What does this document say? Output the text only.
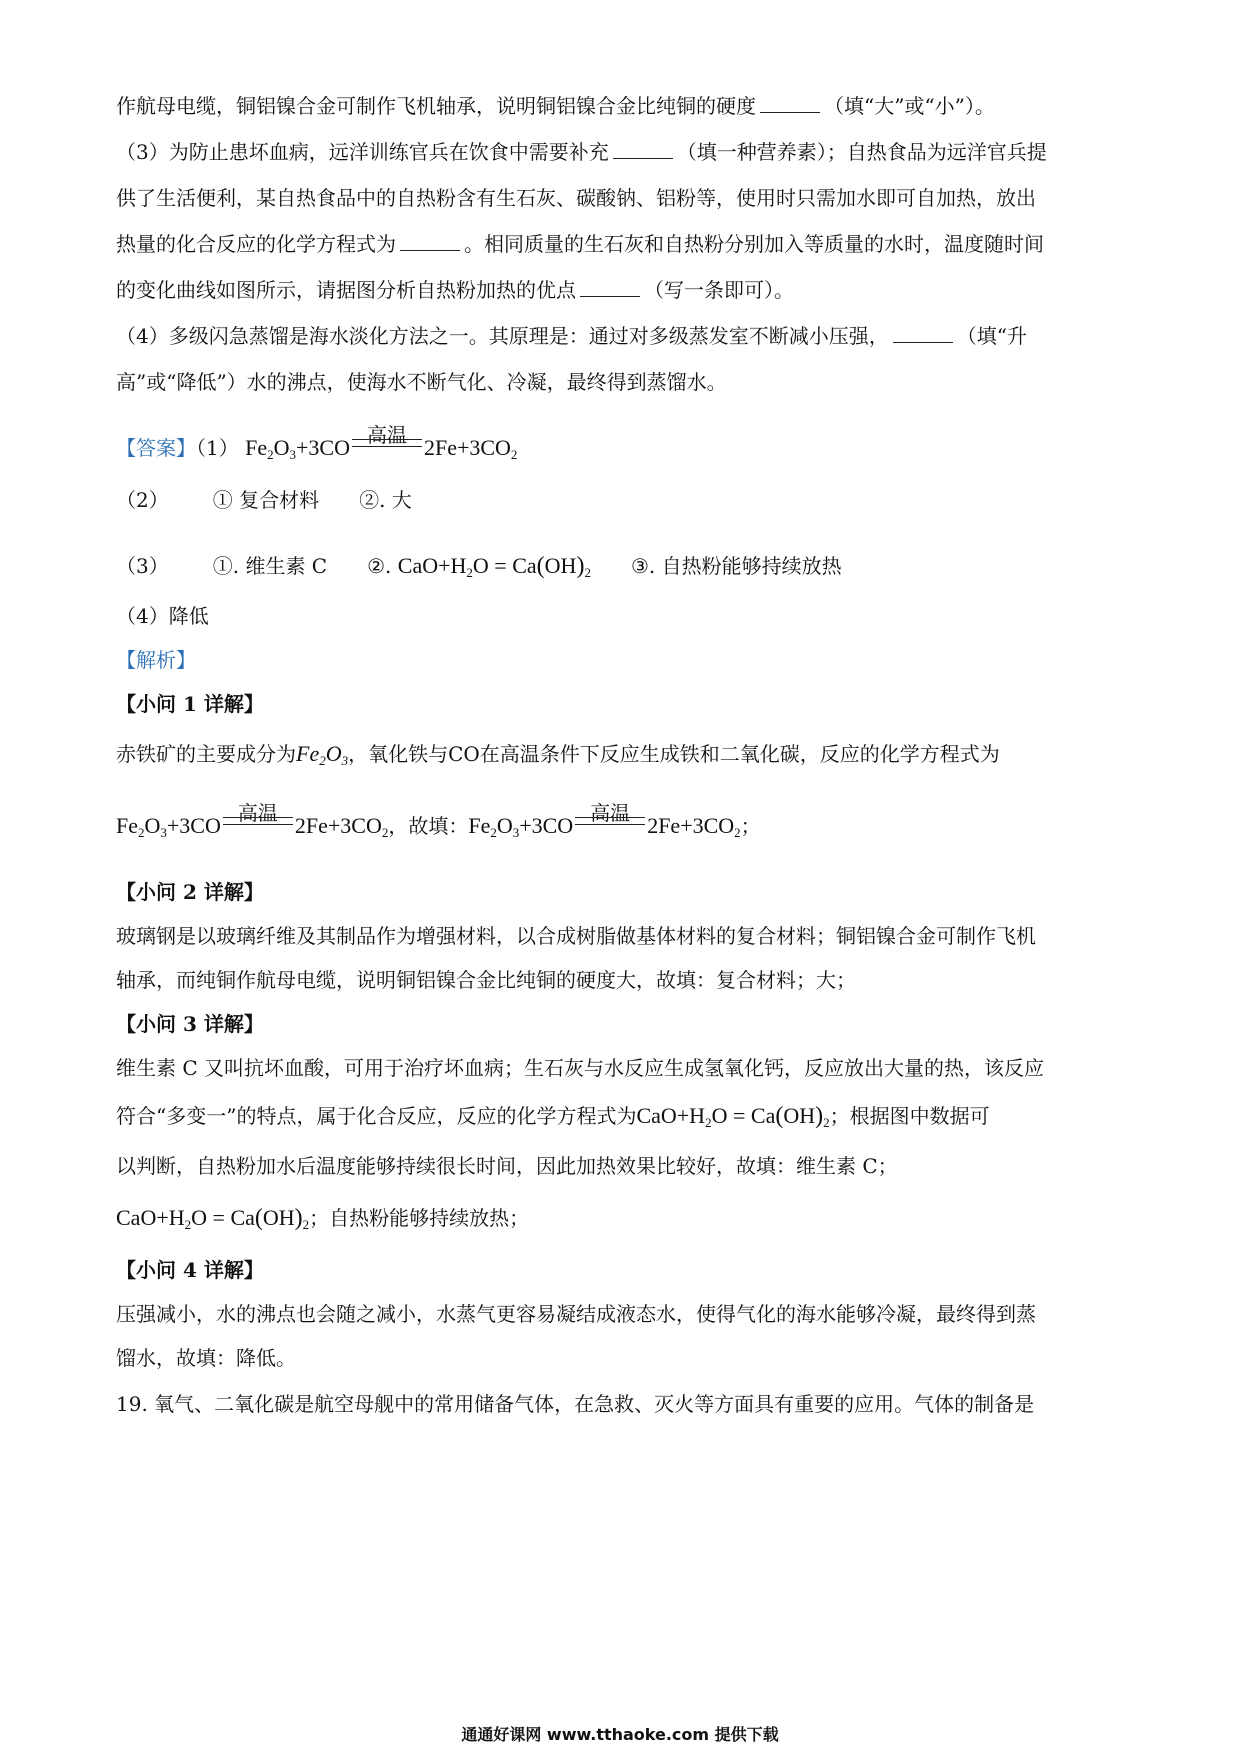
作航母电缆，铜铝镍合金可制作飞机轴承，说明铜铝镍合金比纯铜的硬度	（填“大”或“小”）。
（3）为防止患坏血病，远洋训练官兵在饮食中需要补充	（填一种营养素）；自热食品为远洋官兵提
供了生活便利，某自热食品中的自热粉含有生石灰、碳酸钠、铝粉等，使用时只需加水即可自加热，放出
热量的化合反应的化学方程式为	。相同质量的生石灰和自热粉分别加入等质量的水时，温度随时间
的变化曲线如图所示，请据图分析自热粉加热的优点	（写一条即可）。
（4）多级闪急蒸馏是海水淡化方法之一。其原理是：通过对多级蒸发室不断减小压强，	（填“升
高”或“降低”）水的沸点，使海水不断气化、冷凝，最终得到蒸馏水。
【答案】（1） $Fe_2O_3+3CO$ 高温 $2Fe+3CO_2$
（2） ① 复合材料 ②. 大
（3） ①. 维生素 C ②. $CaO+H_2O = Ca(OH)_2$ ③. 自热粉能够持续放热
（4）降低
【解析】
【小问 1 详解】
赤铁矿的主要成分为$Fe_2O_3$，氧化铁与CO在高温条件下反应生成铁和二氧化碳，反应的化学方程式为
$Fe_2O_3+3CO$ 高温 $2Fe+3CO_2$，故填：$Fe_2O_3+3CO$ 高温 $2Fe+3CO_2$；
【小问 2 详解】
玻璃钢是以玻璃纤维及其制品作为增强材料，以合成树脂做基体材料的复合材料；铜铝镍合金可制作飞机
轴承，而纯铜作航母电缆，说明铜铝镍合金比纯铜的硬度大，故填：复合材料；大；
【小问 3 详解】
维生素 C 又叫抗坏血酸，可用于治疗坏血病；生石灰与水反应生成氢氧化钙，反应放出大量的热，该反应
符合“多变一”的特点，属于化合反应，反应的化学方程式为$CaO+H_2O = Ca(OH)_2$；根据图中数据可
以判断，自热粉加水后温度能够持续很长时间，因此加热效果比较好，故填：维生素 C；
$CaO+H_2O = Ca(OH)_2$；自热粉能够持续放热；
【小问 4 详解】
压强减小，水的沸点也会随之减小，水蒸气更容易凝结成液态水，使得气化的海水能够冷凝，最终得到蒸
馏水，故填：降低。
19. 氧气、二氧化碳是航空母舰中的常用储备气体，在急救、灭火等方面具有重要的应用。气体的制备是
通通好课网 www.tthaoke.com 提供下载
